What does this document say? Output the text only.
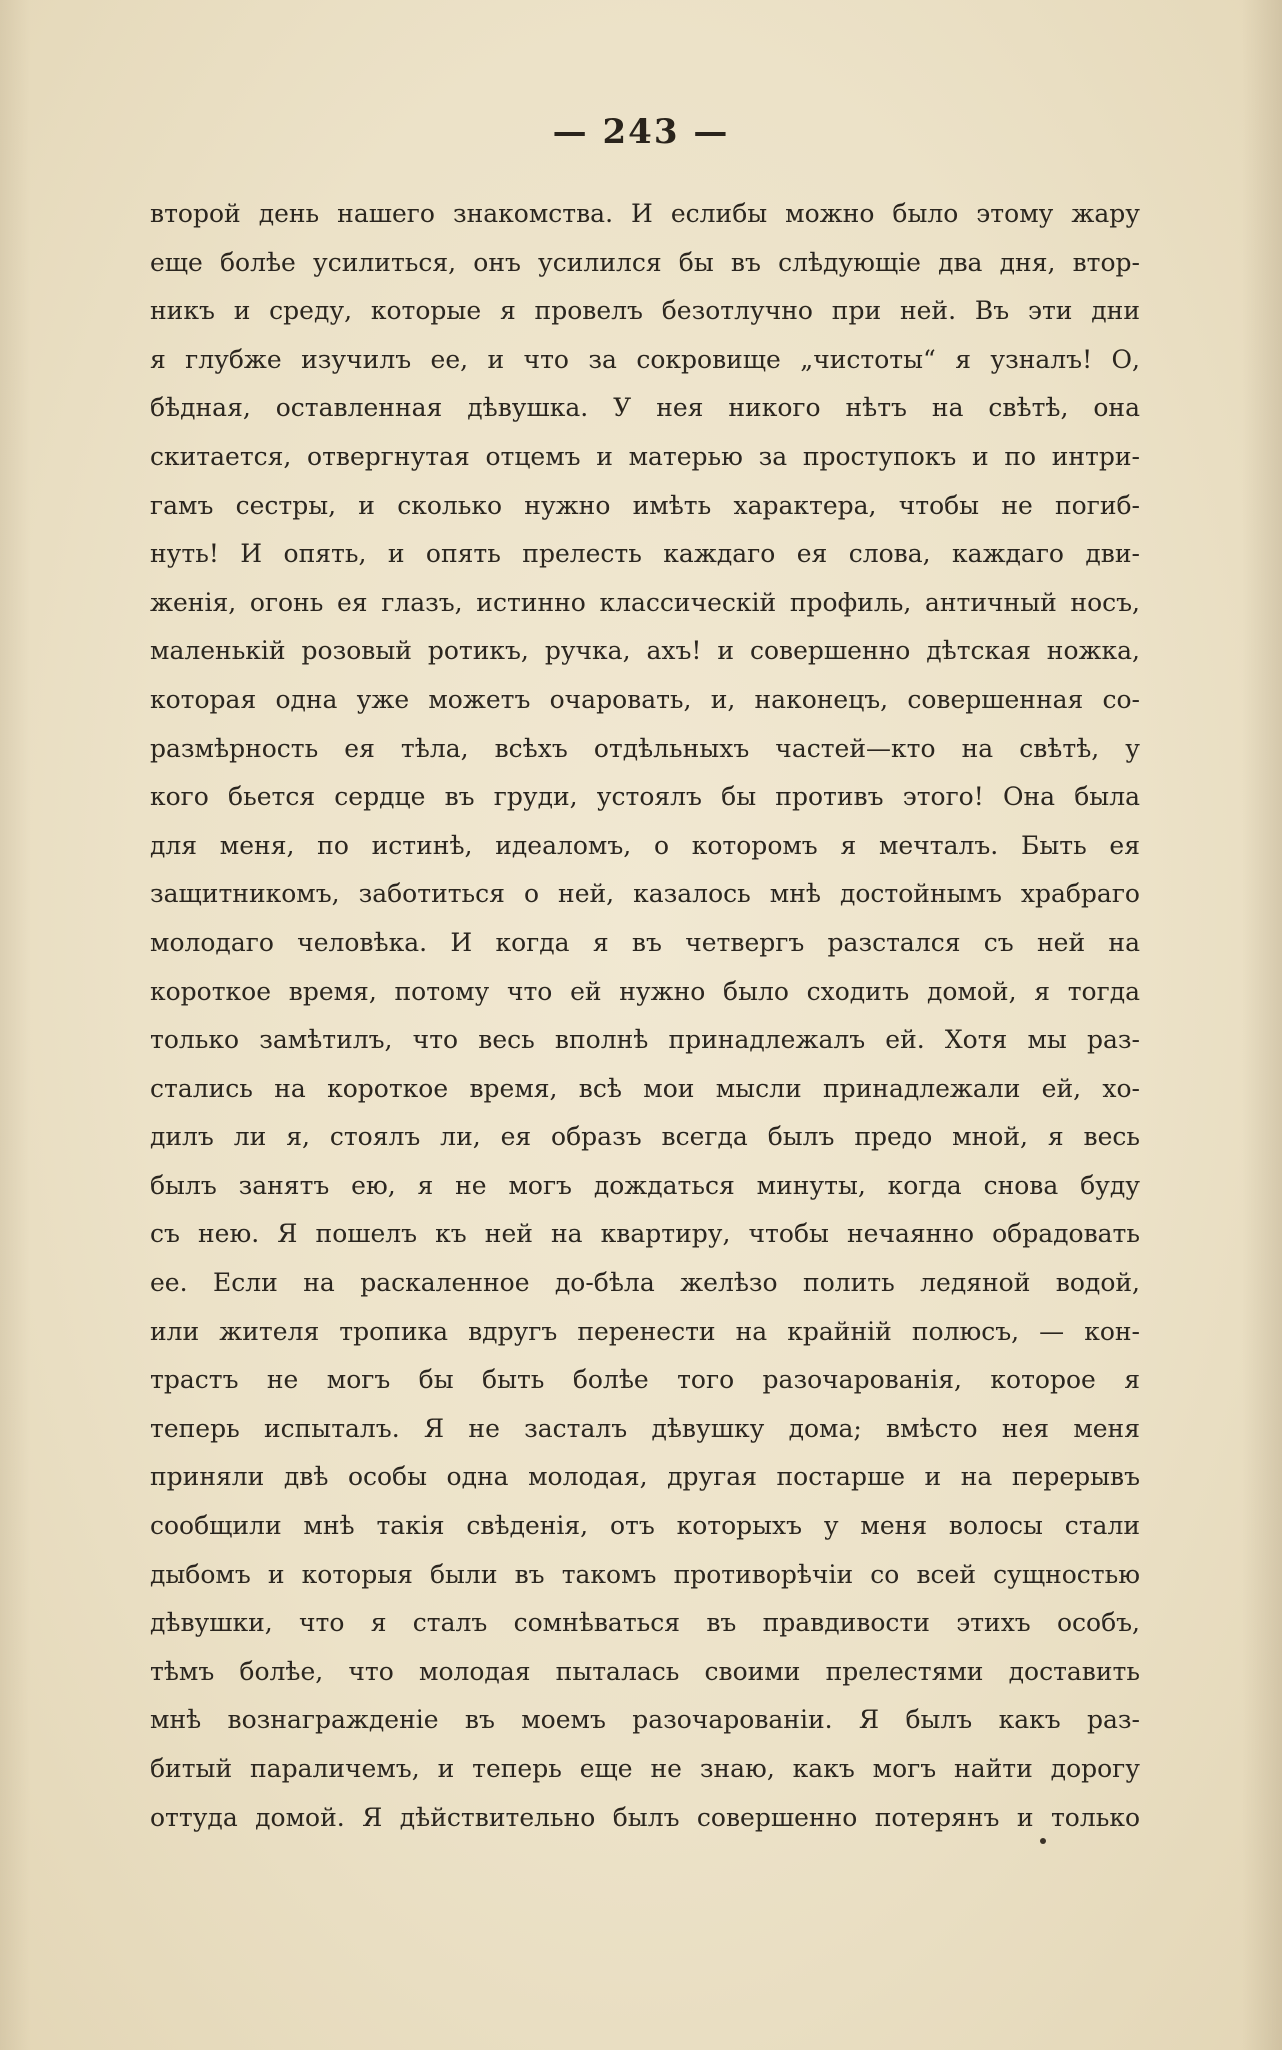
— 243 —
второй день нашего знакомства. И еслибы можно было этому жару
еще болѣе усилиться, онъ усилился бы въ слѣдующіе два дня, втор-
никъ и среду, которые я провелъ безотлучно при ней. Въ эти дни
я глубже изучилъ ее, и что за сокровище „чистоты“ я узналъ! О,
бѣдная, оставленная дѣвушка. У нея никого нѣтъ на свѣтѣ, она
скитается, отвергнутая отцемъ и матерью за проступокъ и по интри-
гамъ сестры, и сколько нужно имѣть характера, чтобы не погиб-
нуть! И опять, и опять прелесть каждаго ея слова, каждаго дви-
женія, огонь ея глазъ, истинно классическій профиль, античный носъ,
маленькій розовый ротикъ, ручка, ахъ! и совершенно дѣтская ножка,
которая одна уже можетъ очаровать, и, наконецъ, совершенная со-
размѣрность ея тѣла, всѣхъ отдѣльныхъ частей—кто на свѣтѣ, у
кого бьется сердце въ груди, устоялъ бы противъ этого! Она была
для меня, по истинѣ, идеаломъ, о которомъ я мечталъ. Быть ея
защитникомъ, заботиться о ней, казалось мнѣ достойнымъ храбраго
молодаго человѣка. И когда я въ четвергъ разстался съ ней на
короткое время, потому что ей нужно было сходить домой, я тогда
только замѣтилъ, что весь вполнѣ принадлежалъ ей. Хотя мы раз-
стались на короткое время, всѣ мои мысли принадлежали ей, хо-
дилъ ли я, стоялъ ли, ея образъ всегда былъ предо мной, я весь
былъ занятъ ею, я не могъ дождаться минуты, когда снова буду
съ нею. Я пошелъ къ ней на квартиру, чтобы нечаянно обрадовать
ее. Если на раскаленное до-бѣла желѣзо полить ледяной водой,
или жителя тропика вдругъ перенести на крайній полюсъ, — кон-
трастъ не могъ бы быть болѣе того разочарованія, которое я
теперь испыталъ. Я не засталъ дѣвушку дома; вмѣсто нея меня
приняли двѣ особы одна молодая, другая постарше и на перерывъ
сообщили мнѣ такія свѣденія, отъ которыхъ у меня волосы стали
дыбомъ и которыя были въ такомъ противорѣчіи со всей сущностью
дѣвушки, что я сталъ сомнѣваться въ правдивости этихъ особъ,
тѣмъ болѣе, что молодая пыталась своими прелестями доставить
мнѣ вознагражденіе въ моемъ разочарованіи. Я былъ какъ раз-
битый параличемъ, и теперь еще не знаю, какъ могъ найти дорогу
оттуда домой. Я дѣйствительно былъ совершенно потерянъ и только
